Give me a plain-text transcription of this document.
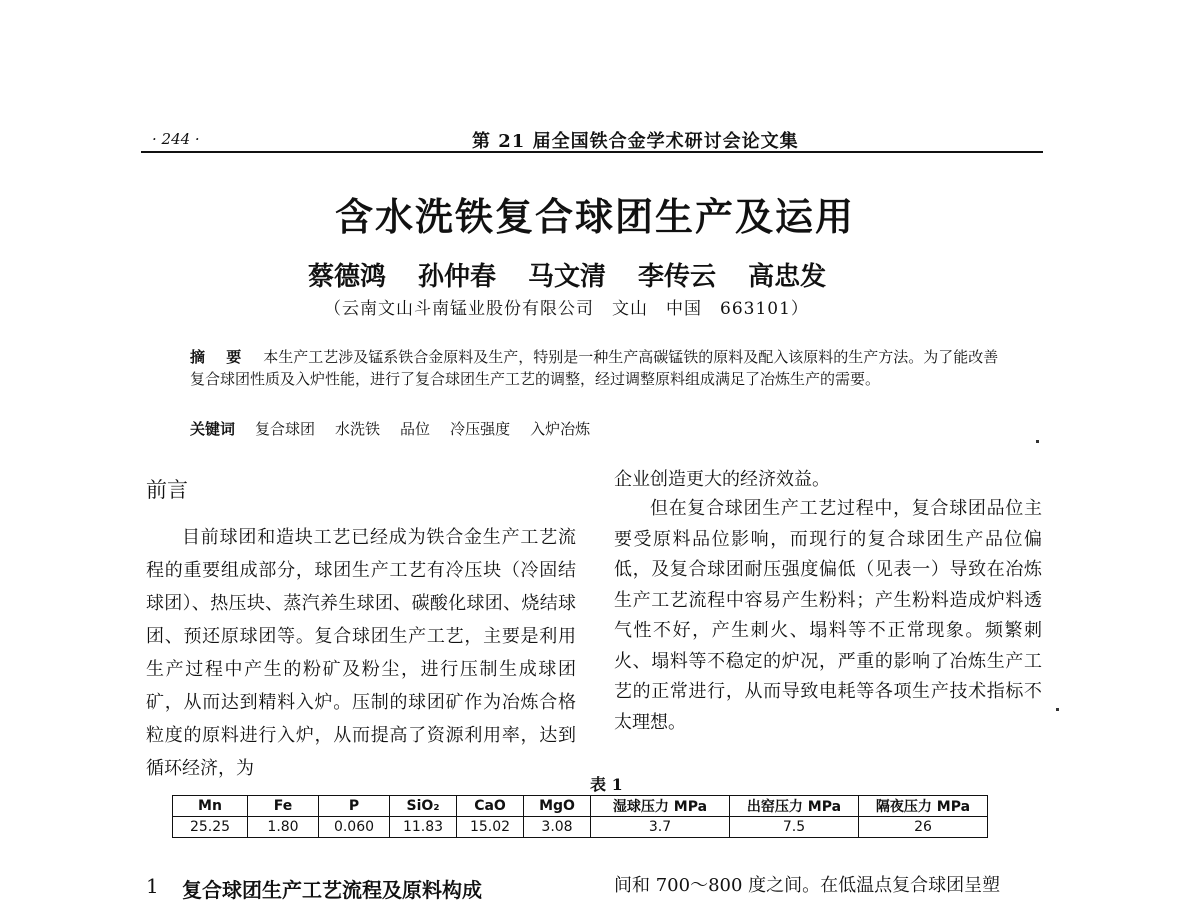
· 244 ·	第 21 届全国铁合金学术研讨会论文集
含水洗铁复合球团生产及运用
蔡德鸿 孙仲春 马文清 李传云 高忠发
（云南文山斗南锰业股份有限公司　文山　中国　663101）
摘 要 本生产工艺涉及锰系铁合金原料及生产，特别是一种生产高碳锰铁的原料及配入该原料的生产方法。为了能改善复合球团性质及入炉性能，进行了复合球团生产工艺的调整，经过调整原料组成满足了冶炼生产的需要。
关键词 复合球团 水洗铁 品位 冷压强度 入炉冶炼
前言
目前球团和造块工艺已经成为铁合金生产工艺流程的重要组成部分，球团生产工艺有冷压块（冷固结球团）、热压块、蒸汽养生球团、碳酸化球团、烧结球团、预还原球团等。复合球团生产工艺，主要是利用生产过程中产生的粉矿及粉尘，进行压制生成球团矿，从而达到精料入炉。压制的球团矿作为冶炼合格粒度的原料进行入炉，从而提高了资源利用率，达到循环经济，为
企业创造更大的经济效益。
但在复合球团生产工艺过程中，复合球团品位主要受原料品位影响，而现行的复合球团生产品位偏低，及复合球团耐压强度偏低（见表一）导致在冶炼生产工艺流程中容易产生粉料；产生粉料造成炉料透气性不好，产生刺火、塌料等不正常现象。频繁刺火、塌料等不稳定的炉况，严重的影响了冶炼生产工艺的正常进行，从而导致电耗等各项生产技术指标不太理想。
表 1
Mn	Fe	P	SiO₂	CaO	MgO	湿球压力 MPa	出窑压力 MPa	隔夜压力 MPa
25.25	1.80	0.060	11.83	15.02	3.08	3.7	7.5	26
1 复合球团生产工艺流程及原料构成	间和 700～800 度之间。在低温点复合球团呈塑
